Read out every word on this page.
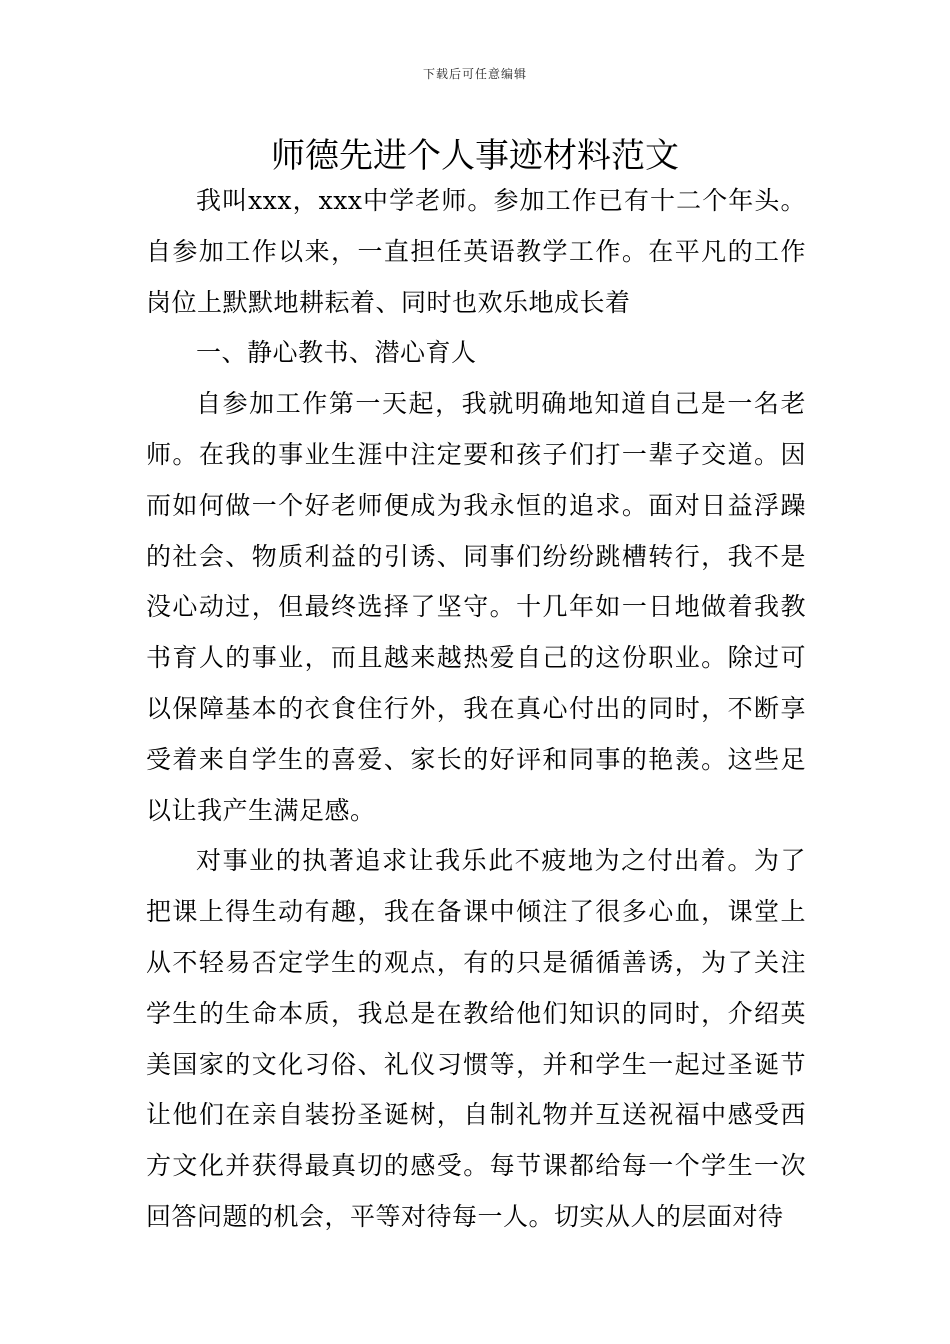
下载后可任意编辑
师德先进个人事迹材料范文

我叫xxx，xxx中学老师。参加工作已有十二个年头。自参加工作以来，一直担任英语教学工作。在平凡的工作岗位上默默地耕耘着、同时也欢乐地成长着

一、静心教书、潜心育人

自参加工作第一天起，我就明确地知道自己是一名老师。在我的事业生涯中注定要和孩子们打一辈子交道。因而如何做一个好老师便成为我永恒的追求。面对日益浮躁的社会、物质利益的引诱、同事们纷纷跳槽转行，我不是没心动过，但最终选择了坚守。十几年如一日地做着我教书育人的事业，而且越来越热爱自己的这份职业。除过可以保障基本的衣食住行外，我在真心付出的同时，不断享受着来自学生的喜爱、家长的好评和同事的艳羡。这些足以让我产生满足感。

对事业的执著追求让我乐此不疲地为之付出着。为了把课上得生动有趣，我在备课中倾注了很多心血，课堂上从不轻易否定学生的观点，有的只是循循善诱，为了关注学生的生命本质，我总是在教给他们知识的同时，介绍英美国家的文化习俗、礼仪习惯等，并和学生一起过圣诞节让他们在亲自装扮圣诞树，自制礼物并互送祝福中感受西方文化并获得最真切的感受。每节课都给每一个学生一次回答问题的机会，平等对待每一人。切实从人的层面对待
